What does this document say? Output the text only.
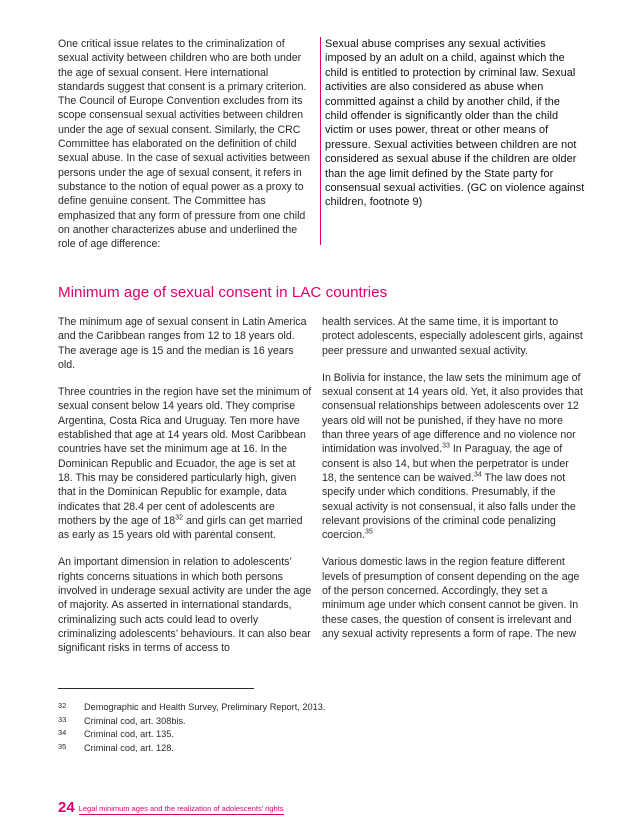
One critical issue relates to the criminalization of sexual activity between children who are both under the age of sexual consent. Here international standards suggest that consent is a primary criterion. The Council of Europe Convention excludes from its scope consensual sexual activities between children under the age of sexual consent. Similarly, the CRC Committee has elaborated on the definition of child sexual abuse. In the case of sexual activities between persons under the age of sexual consent, it refers in substance to the notion of equal power as a proxy to define genuine consent. The Committee has emphasized that any form of pressure from one child on another characterizes abuse and underlined the role of age difference:

Sexual abuse comprises any sexual activities imposed by an adult on a child, against which the child is entitled to protection by criminal law. Sexual activities are also considered as abuse when committed against a child by another child, if the child offender is significantly older than the child victim or uses power, threat or other means of pressure. Sexual activities between children are not considered as sexual abuse if the children are older than the age limit defined by the State party for consensual sexual activities. (GC on violence against children, footnote 9)

Minimum age of sexual consent in LAC countries

The minimum age of sexual consent in Latin America and the Caribbean ranges from 12 to 18 years old. The average age is 15 and the median is 16 years old.

Three countries in the region have set the minimum of sexual consent below 14 years old. They comprise Argentina, Costa Rica and Uruguay. Ten more have established that age at 14 years old. Most Caribbean countries have set the minimum age at 16. In the Dominican Republic and Ecuador, the age is set at 18. This may be considered particularly high, given that in the Dominican Republic for example, data indicates that 28.4 per cent of adolescents are mothers by the age of $18^{32}$ and girls can get married as early as 15 years old with parental consent.

An important dimension in relation to adolescents’ rights concerns situations in which both persons involved in underage sexual activity are under the age of majority. As asserted in international standards, criminalizing such acts could lead to overly criminalizing adolescents’ behaviours. It can also bear significant risks in terms of access to

health services. At the same time, it is important to protect adolescents, especially adolescent girls, against peer pressure and unwanted sexual activity.

In Bolivia for instance, the law sets the minimum age of sexual consent at 14 years old. Yet, it also provides that consensual relationships between adolescents over 12 years old will not be punished, if they have no more than three years of age difference and no violence nor intimidation was involved.$^{33}$ In Paraguay, the age of consent is also 14, but when the perpetrator is under 18, the sentence can be waived.$^{34}$ The law does not specify under which conditions. Presumably, if the sexual activity is not consensual, it also falls under the relevant provisions of the criminal code penalizing coercion.$^{35}$

Various domestic laws in the region feature different levels of presumption of consent depending on the age of the person concerned. Accordingly, they set a minimum age under which consent cannot be given. In these cases, the question of consent is irrelevant and any sexual activity represents a form of rape. The new

32	Demographic and Health Survey, Preliminary Report, 2013.
33	Criminal cod, art. 308bis.
34	Criminal cod, art. 135.
35	Criminal cod, art. 128.
24 Legal minimum ages and the realization of adolescents’ rights
